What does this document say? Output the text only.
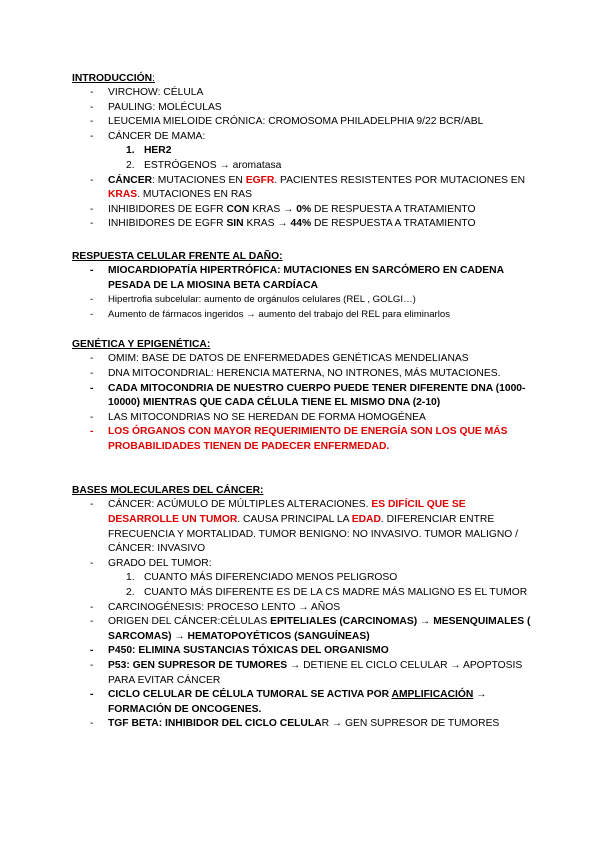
INTRODUCCIÓN:
- VIRCHOW: CÉLULA
- PAULING: MOLÉCULAS
- LEUCEMIA MIELOIDE CRÓNICA: CROMOSOMA PHILADELPHIA 9/22 BCR/ABL
- CÁNCER DE MAMA:
1. HER2
2. ESTRÓGENOS → aromatasa
- CÁNCER: MUTACIONES EN EGFR. PACIENTES RESISTENTES POR MUTACIONES EN KRAS. MUTACIONES EN RAS
- INHIBIDORES DE EGFR CON KRAS → 0% DE RESPUESTA A TRATAMIENTO
- INHIBIDORES DE EGFR SIN KRAS → 44% DE RESPUESTA A TRATAMIENTO
RESPUESTA CELULAR FRENTE AL DAÑO:
- MIOCARDIOPATÍA HIPERTRÓFICA: MUTACIONES EN SARCÓMERO EN CADENA PESADA DE LA MIOSINA BETA CARDÍACA
- Hipertrofia subcelular: aumento de orgánulos celulares (REL , GOLGI…)
- Aumento de fármacos ingeridos → aumento del trabajo del REL para eliminarlos
GENÉTICA Y EPIGENÉTICA:
- OMIM: BASE DE DATOS DE ENFERMEDADES GENÉTICAS MENDELIANAS
- DNA MITOCONDRIAL: HERENCIA MATERNA, NO INTRONES, MÁS MUTACIONES.
- CADA MITOCONDRIA DE NUESTRO CUERPO PUEDE TENER DIFERENTE DNA (1000- 10000) MIENTRAS QUE CADA CÉLULA TIENE EL MISMO DNA (2-10)
- LAS MITOCONDRIAS NO SE HEREDAN DE FORMA HOMOGÉNEA
- LOS ÓRGANOS CON MAYOR REQUERIMIENTO DE ENERGÍA SON LOS QUE MÁS PROBABILIDADES TIENEN DE PADECER ENFERMEDAD.
BASES MOLECULARES DEL CÁNCER:
- CÁNCER: ACÚMULO DE MÚLTIPLES ALTERACIONES. ES DIFÍCIL QUE SE DESARROLLE UN TUMOR. CAUSA PRINCIPAL LA EDAD. DIFERENCIAR ENTRE FRECUENCIA Y MORTALIDAD. TUMOR BENIGNO: NO INVASIVO. TUMOR MALIGNO / CÁNCER: INVASIVO
- GRADO DEL TUMOR:
1. CUANTO MÁS DIFERENCIADO MENOS PELIGROSO
2. CUANTO MÁS DIFERENTE ES DE LA CS MADRE MÁS MALIGNO ES EL TUMOR
- CARCINOGÉNESIS: PROCESO LENTO → AÑOS
- ORIGEN DEL CÁNCER:CÉLULAS EPITELIALES (CARCINOMAS) → MESENQUIMALES ( SARCOMAS) → HEMATOPOYÉTICOS (SANGUÍNEAS)
- P450: ELIMINA SUSTANCIAS TÓXICAS DEL ORGANISMO
- P53: GEN SUPRESOR DE TUMORES → DETIENE EL CICLO CELULAR → APOPTOSIS PARA EVITAR CÁNCER
- CICLO CELULAR DE CÉLULA TUMORAL SE ACTIVA POR AMPLIFICACIÓN → FORMACIÓN DE ONCOGENES.
- TGF BETA: INHIBIDOR DEL CICLO CELULAR → GEN SUPRESOR DE TUMORES
